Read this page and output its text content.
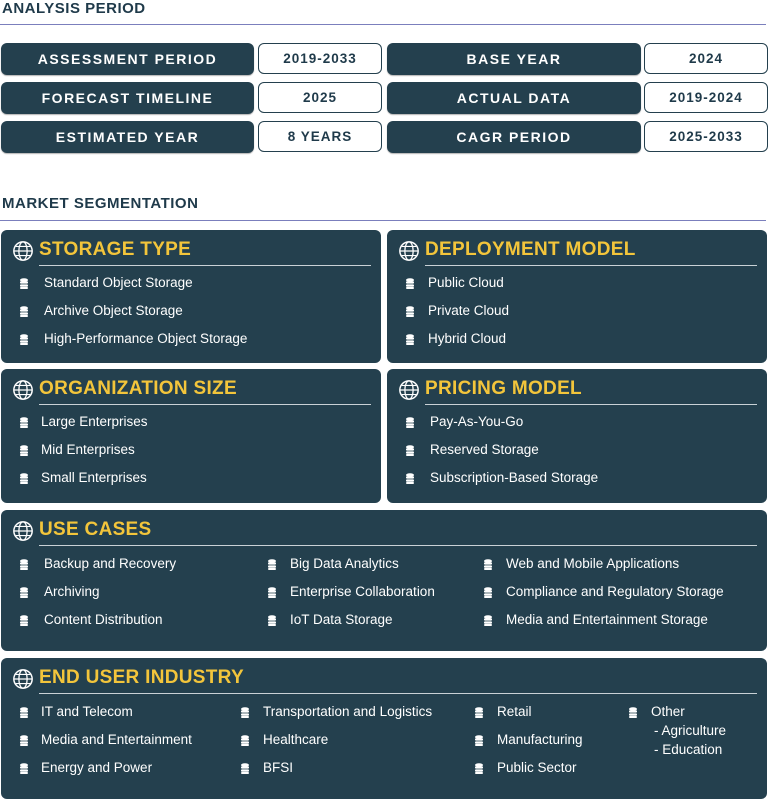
ANALYSIS PERIOD
ASSESSMENT PERIOD	2019-2033	BASE YEAR	2024
FORECAST TIMELINE	2025	ACTUAL DATA	2019-2024
ESTIMATED YEAR	8 YEARS	CAGR PERIOD	2025-2033
MARKET SEGMENTATION
STORAGE TYPE
Standard Object Storage
Archive Object Storage
High-Performance Object Storage
DEPLOYMENT MODEL
Public Cloud
Private Cloud
Hybrid Cloud
ORGANIZATION SIZE
Large Enterprises
Mid Enterprises
Small Enterprises
PRICING MODEL
Pay-As-You-Go
Reserved Storage
Subscription-Based Storage
USE CASES
Backup and Recovery
Archiving
Content Distribution
Big Data Analytics
Enterprise Collaboration
IoT Data Storage
Web and Mobile Applications
Compliance and Regulatory Storage
Media and Entertainment Storage
END USER INDUSTRY
IT and Telecom
Media and Entertainment
Energy and Power
Transportation and Logistics
Healthcare
BFSI
Retail
Manufacturing
Public Sector
Other
- Agriculture
- Education
